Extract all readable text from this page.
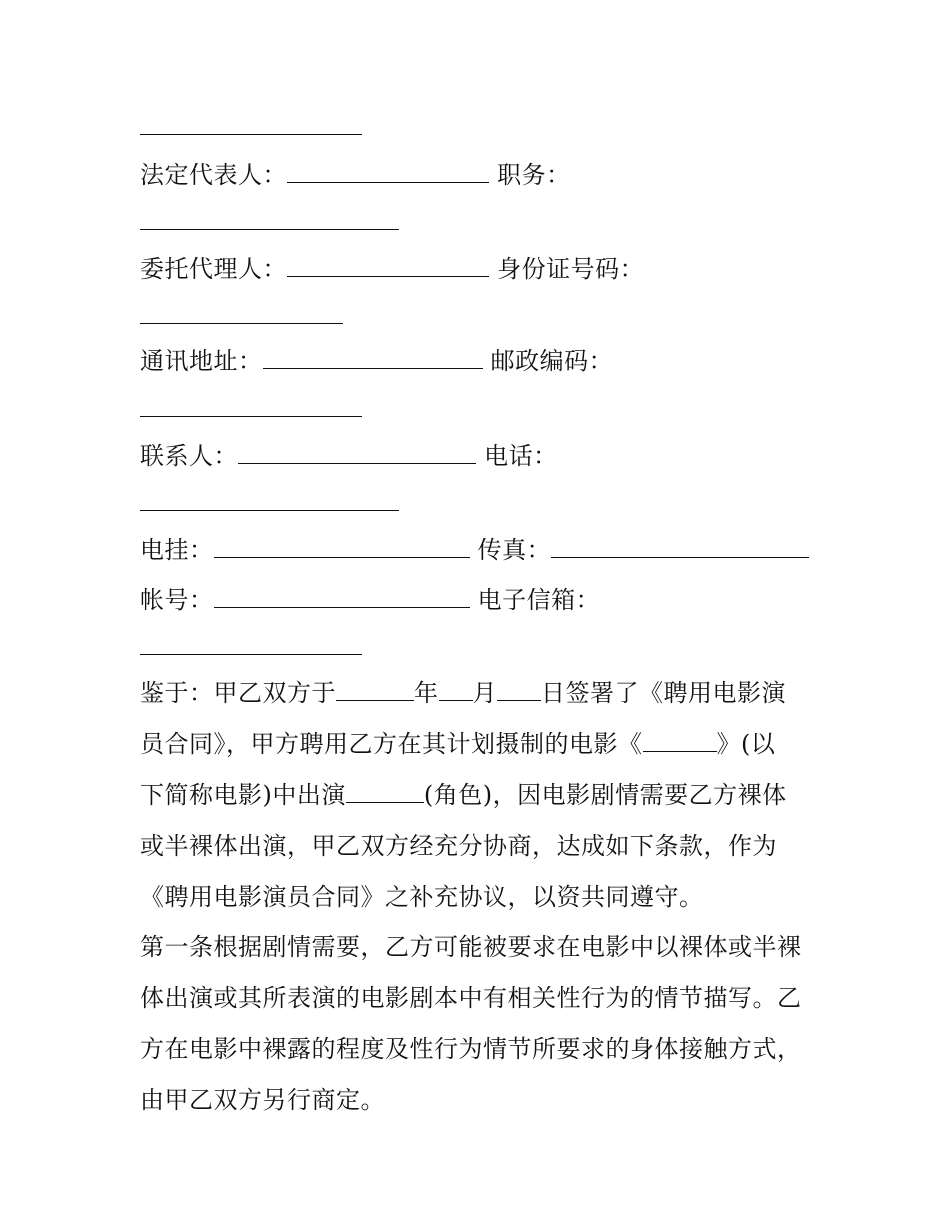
法定代表人：	职务：
委托代理人：	身份证号码：
通讯地址：	邮政编码：
联系人：	电话：
电挂：	传真：
帐号：	电子信箱：
鉴于：甲乙双方于	年 月 日签署了《聘用电影演
员合同》，甲方聘用乙方在其计划摄制的电影《	》(以
下简称电影)中出演	(角色)，因电影剧情需要乙方裸体
或半裸体出演，甲乙双方经充分协商，达成如下条款，作为
《聘用电影演员合同》之补充协议，以资共同遵守。
第一条根据剧情需要，乙方可能被要求在电影中以裸体或半裸
体出演或其所表演的电影剧本中有相关性行为的情节描写。乙
方在电影中裸露的程度及性行为情节所要求的身体接触方式，
由甲乙双方另行商定。
